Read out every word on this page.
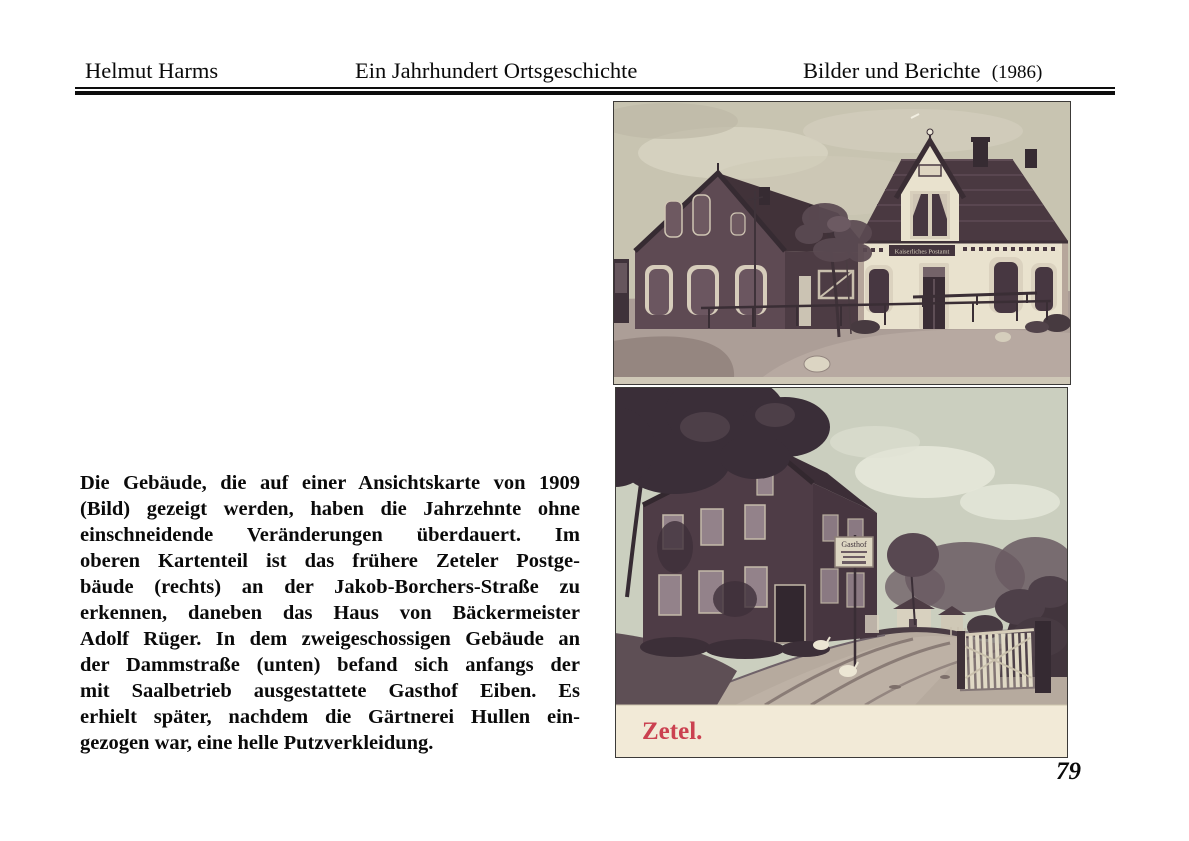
Helmut Harms	Ein Jahrhundert Ortsgeschichte	Bilder und Berichte (1986)
Die Gebäude, die auf einer Ansichtskarte von 1909
(Bild) gezeigt werden, haben die Jahrzehnte ohne
einschneidende Veränderungen überdauert. Im
oberen Kartenteil ist das frühere Zeteler Postge-
bäude (rechts) an der Jakob-Borchers-Straße zu
erkennen, daneben das Haus von Bäckermeister
Adolf Rüger. In dem zweigeschossigen Gebäude an
der Dammstraße (unten) befand sich anfangs der
mit Saalbetrieb ausgestattete Gasthof Eiben. Es
erhielt später, nachdem die Gärtnerei Hullen ein-
gezogen war, eine helle Putzverkleidung.
Kaiserliches Postamt
Gasthof
Zetel.
79
